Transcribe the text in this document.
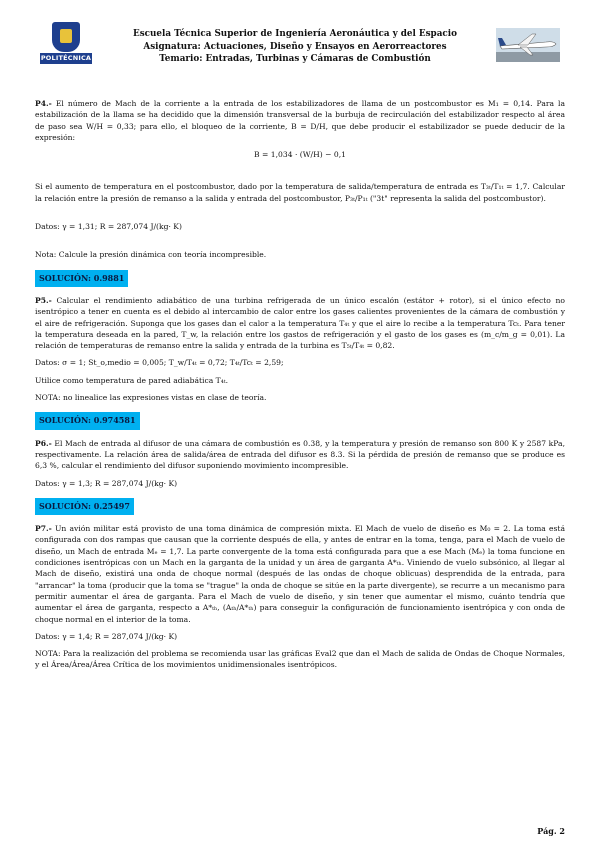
POLITÉCNICA
Escuela Técnica Superior de Ingeniería Aeronáutica y del Espacio
Asignatura: Actuaciones, Diseño y Ensayos en Aerorreactores
Temario: Entradas, Turbinas y Cámaras de Combustión

P4.- El número de Mach de la corriente a la entrada de los estabilizadores de llama de un postcombustor es M₁ = 0,14. Para la estabilización de la llama se ha decidido que la dimensión transversal de la burbuja de recirculación del estabilizador respecto al área de paso sea W/H = 0,33; para ello, el bloqueo de la corriente, B = D/H, que debe producir el estabilizador se puede deducir de la expresión:

B = 1,034 · (W/H) − 0,1

Si el aumento de temperatura en el postcombustor, dado por la temperatura de salida/temperatura de entrada es T₃ₜ/T₁ₜ = 1,7. Calcular la relación entre la presión de remanso a la salida y entrada del postcombustor, P₃ₜ/P₁ₜ ("3t" representa la salida del postcombustor).

Datos: γ = 1,31; R = 287,074 J/(kg· K)

Nota: Calcule la presión dinámica con teoría incompresible.

SOLUCIÓN: 0.9881

P5.- Calcular el rendimiento adiabático de una turbina refrigerada de un único escalón (estátor + rotor), si el único efecto no isentrópico a tener en cuenta es el debido al intercambio de calor entre los gases calientes provenientes de la cámara de combustión y el aire de refrigeración. Suponga que los gases dan el calor a la temperatura T₄ₜ y que el aire lo recibe a la temperatura Tcₜ. Para tener la temperatura deseada en la pared, T_w, la relación entre los gastos de refrigeración y el gasto de los gases es (m_c/m_g = 0,01). La relación de temperaturas de remanso entre la salida y entrada de la turbina es T₅ₜ/T₄ₜ = 0,82.

Datos: σ = 1; St_o,medio = 0,005; T_w/T₄ₜ = 0,72; T₄ₜ/Tcₜ = 2,59;

Utilice como temperatura de pared adiabática T₄ₜ.

NOTA: no linealice las expresiones vistas en clase de teoría.

SOLUCIÓN: 0.974581

P6.- El Mach de entrada al difusor de una cámara de combustión es 0.38, y la temperatura y presión de remanso son 800 K y 2587 kPa, respectivamente. La relación área de salida/área de entrada del difusor es 8.3. Si la pérdida de presión de remanso que se produce es 6,3 %, calcular el rendimiento del difusor suponiendo movimiento incompresible.

Datos: γ = 1,3; R = 287,074 J/(kg· K)

SOLUCIÓN: 0.25497

P7.- Un avión militar está provisto de una toma dinámica de compresión mixta. El Mach de vuelo de diseño es M₀ = 2. La toma está configurada con dos rampas que causan que la corriente después de ella, y antes de entrar en la toma, tenga, para el Mach de vuelo de diseño, un Mach de entrada Mₑ = 1,7. La parte convergente de la toma está configurada para que a ese Mach (Mₑ) la toma funcione en condiciones isentrópicas con un Mach en la garganta de la unidad y un área de garganta A*ₜₕ. Viniendo de vuelo subsónico, al llegar al Mach de diseño, existirá una onda de choque normal (después de las ondas de choque oblicuas) desprendida de la entrada, para "arrancar" la toma (producir que la toma se "trague" la onda de choque se sitúe en la parte divergente), se recurre a un mecanismo para permitir aumentar el área de garganta. Para el Mach de vuelo de diseño, y sin tener que aumentar el mismo, cuánto tendría que aumentar el área de garganta, respecto a A*ₜₕ, (Aₜₕ/A*ₜₕ) para conseguir la configuración de funcionamiento isentrópica y con onda de choque normal en el interior de la toma.

Datos: γ = 1,4; R = 287,074 J/(kg· K)

NOTA: Para la realización del problema se recomienda usar las gráficas Eval2 que dan el Mach de salida de Ondas de Choque Normales, y el Área/Área/Área Crítica de los movimientos unidimensionales isentrópicos.

Pág. 2
